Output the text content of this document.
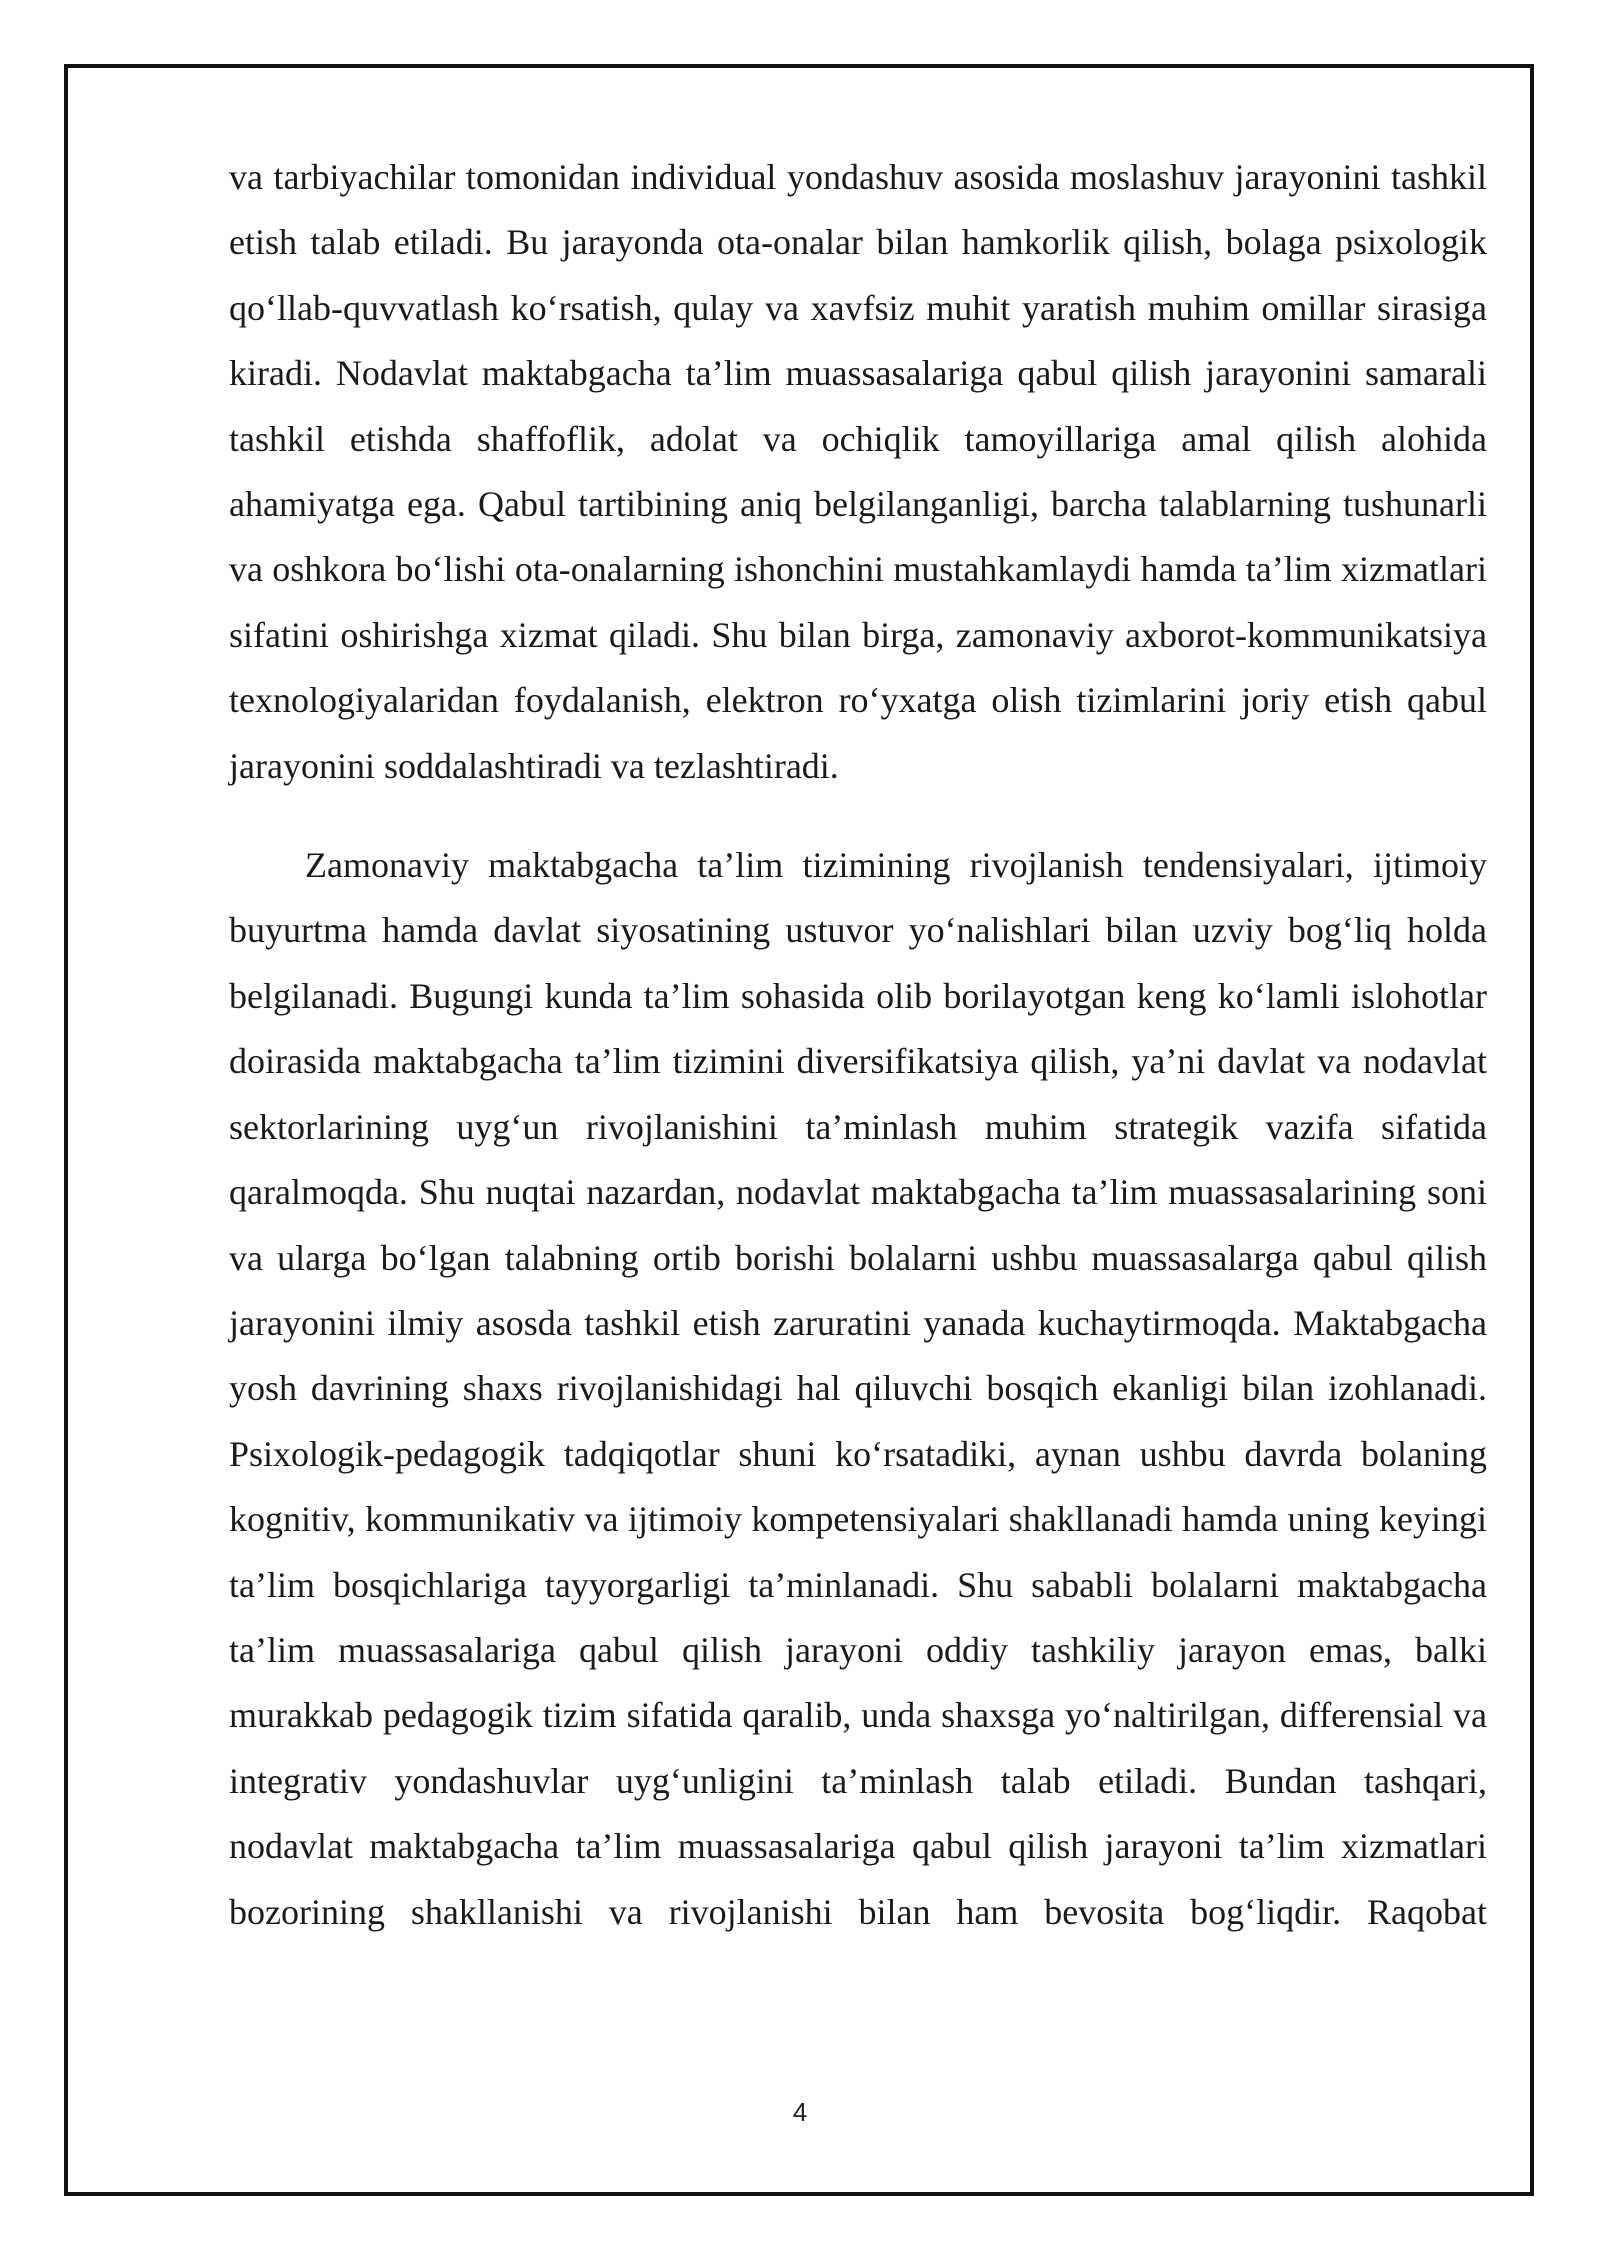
va tarbiyachilar tomonidan individual yondashuv asosida moslashuv jarayonini tashkil etish talab etiladi. Bu jarayonda ota-onalar bilan hamkorlik qilish, bolaga psixologik qo‘llab-quvvatlash ko‘rsatish, qulay va xavfsiz muhit yaratish muhim omillar sirasiga kiradi. Nodavlat maktabgacha ta’lim muassasalariga qabul qilish jarayonini samarali tashkil etishda shaffoflik, adolat va ochiqlik tamoyillariga amal qilish alohida ahamiyatga ega. Qabul tartibining aniq belgilanganligi, barcha talablarning tushunarli va oshkora bo‘lishi ota-onalarning ishonchini mustahkamlaydi hamda ta’lim xizmatlari sifatini oshirishga xizmat qiladi. Shu bilan birga, zamonaviy axborot-kommunikatsiya texnologiyalaridan foydalanish, elektron ro‘yxatga olish tizimlarini joriy etish qabul jarayonini soddalashtiradi va tezlashtiradi.

Zamonaviy maktabgacha ta’lim tizimining rivojlanish tendensiyalari, ijtimoiy buyurtma hamda davlat siyosatining ustuvor yo‘nalishlari bilan uzviy bog‘liq holda belgilanadi. Bugungi kunda ta’lim sohasida olib borilayotgan keng ko‘lamli islohotlar doirasida maktabgacha ta’lim tizimini diversifikatsiya qilish, ya’ni davlat va nodavlat sektorlarining uyg‘un rivojlanishini ta’minlash muhim strategik vazifa sifatida qaralmoqda. Shu nuqtai nazardan, nodavlat maktabgacha ta’lim muassasalarining soni va ularga bo‘lgan talabning ortib borishi bolalarni ushbu muassasalarga qabul qilish jarayonini ilmiy asosda tashkil etish zaruratini yanada kuchaytirmoqda. Maktabgacha yosh davrining shaxs rivojlanishidagi hal qiluvchi bosqich ekanligi bilan izohlanadi. Psixologik-pedagogik tadqiqotlar shuni ko‘rsatadiki, aynan ushbu davrda bolaning kognitiv, kommunikativ va ijtimoiy kompetensiyalari shakllanadi hamda uning keyingi ta’lim bosqichlariga tayyorgarligi ta’minlanadi. Shu sababli bolalarni maktabgacha ta’lim muassasalariga qabul qilish jarayoni oddiy tashkiliy jarayon emas, balki murakkab pedagogik tizim sifatida qaralib, unda shaxsga yo‘naltirilgan, differensial va integrativ yondashuvlar uyg‘unligini ta’minlash talab etiladi. Bundan tashqari, nodavlat maktabgacha ta’lim muassasalariga qabul qilish jarayoni ta’lim xizmatlari bozorining shakllanishi va rivojlanishi bilan ham bevosita bog‘liqdir. Raqobat

4
